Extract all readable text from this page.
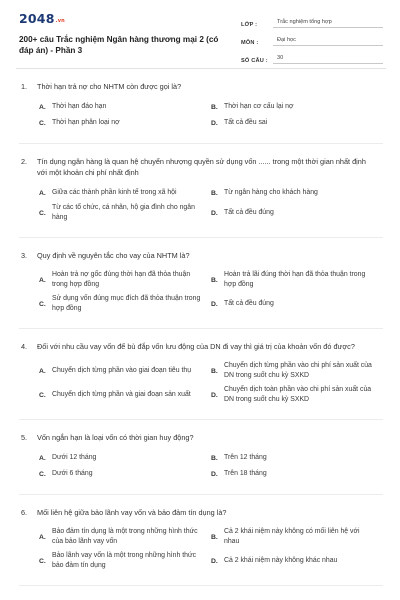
2048.vn
200+ câu Trắc nghiệm Ngân hàng thương mại 2 (có đáp án) - Phần 3
LỚP :	Trắc nghiệm tổng hợp
MÔN :	Đại học
SỐ CÂU :	30
1.	Thời hạn trả nợ cho NHTM còn được gọi là?
A. Thời hạn đáo hạn	B. Thời hạn cơ cấu lại nợ
C. Thời hạn phân loại nợ	D. Tất cả đều sai
2.	Tín dụng ngân hàng là quan hệ chuyển nhượng quyền sử dụng vốn ...... trong một thời gian nhất định với một khoản chi phí nhất định
A. Giữa các thành phần kinh tế trong xã hội	B. Từ ngân hàng cho khách hàng
C.
Từ các tổ chức, cá nhân, hộ gia đình cho ngân hàng
D. Tất cả đều đúng
3.	Quy định về nguyên tắc cho vay của NHTM là?
A.
Hoàn trả nợ gốc đúng thời hạn đã thỏa thuận trong hợp đồng
B.
Hoàn trả lãi đúng thời hạn đã thỏa thuận trong hợp đồng
C.
Sử dụng vốn đúng mục đích đã thỏa thuận trong hợp đồng
D. Tất cả đều đúng
4.	Đối với nhu cầu vay vốn để bù đắp vốn lưu động của DN đi vay thì giá trị của khoản vốn đó được?
A. Chuyển dịch từng phần vào giai đoạn tiêu thụ	B.
Chuyển dịch từng phần vào chi phí sản xuất của DN trong suốt chu kỳ SXKD
C. Chuyển dịch từng phần và giai đoạn sản xuất	D.
Chuyển dịch toàn phần vào chi phí sản xuất của DN trong suốt chu kỳ SXKD
5.	Vốn ngắn hạn là loại vốn có thời gian huy động?
A. Dưới 12 tháng	B. Trên 12 tháng
C. Dưới 6 tháng	D. Trên 18 tháng
6.	Mối liên hệ giữa bảo lãnh vay vốn và bảo đảm tín dụng là?
A.
Bảo đảm tín dụng là một trong những hình thức của bảo lãnh vay vốn
B.
Cả 2 khái niệm này không có mối liên hệ với nhau
C.
Bảo lãnh vay vốn là một trong những hình thức bảo đảm tín dụng
D. Cả 2 khái niệm này không khác nhau
